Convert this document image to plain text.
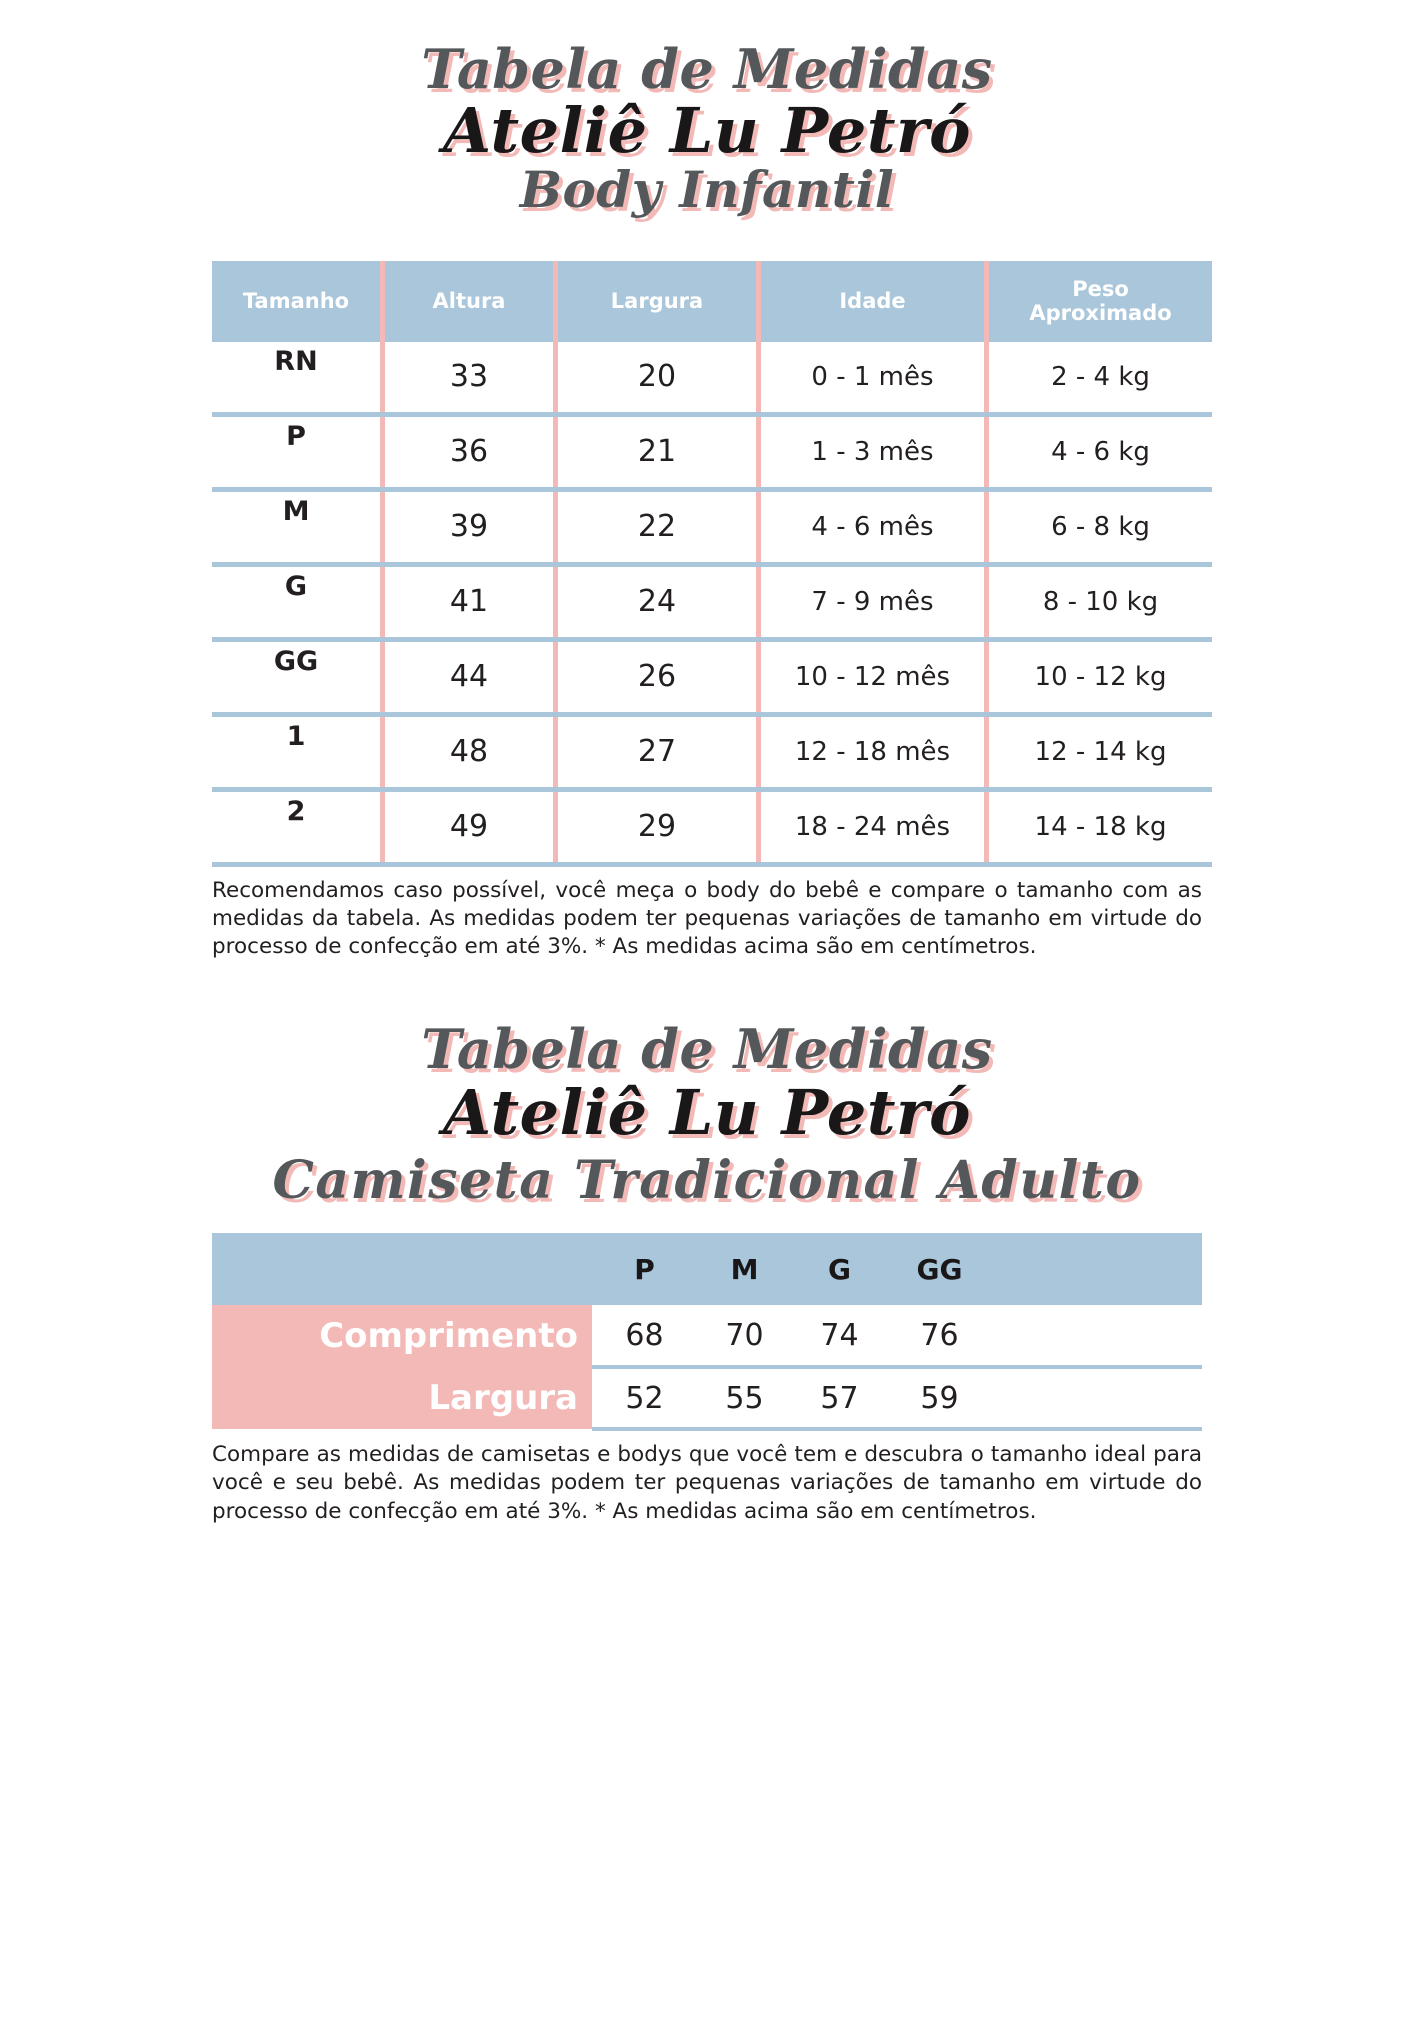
Tabela de Medidas
Ateliê Lu Petró
Body Infantil
Tamanho	Altura	Largura	Idade	Peso
Aproximado
RN	33	20	0 - 1 mês	2 - 4 kg
P	36	21	1 - 3 mês	4 - 6 kg
M	39	22	4 - 6 mês	6 - 8 kg
G	41	24	7 - 9 mês	8 - 10 kg
GG	44	26	10 - 12 mês	10 - 12 kg
1	48	27	12 - 18 mês	12 - 14 kg
2	49	29	18 - 24 mês	14 - 18 kg
Recomendamos caso possível, você meça o body do bebê e compare o tamanho com as medidas da tabela. As medidas podem ter pequenas variações de tamanho em virtude do processo de confecção em até 3%. * As medidas acima são em centímetros.
Tabela de Medidas
Ateliê Lu Petró
Camiseta Tradicional Adulto
	P	M	G	GG	
Comprimento	68	70	74	76	
Largura	52	55	57	59	
Compare as medidas de camisetas e bodys que você tem e descubra o tamanho ideal para você e seu bebê. As medidas podem ter pequenas variações de tamanho em virtude do processo de confecção em até 3%. * As medidas acima são em centímetros.
